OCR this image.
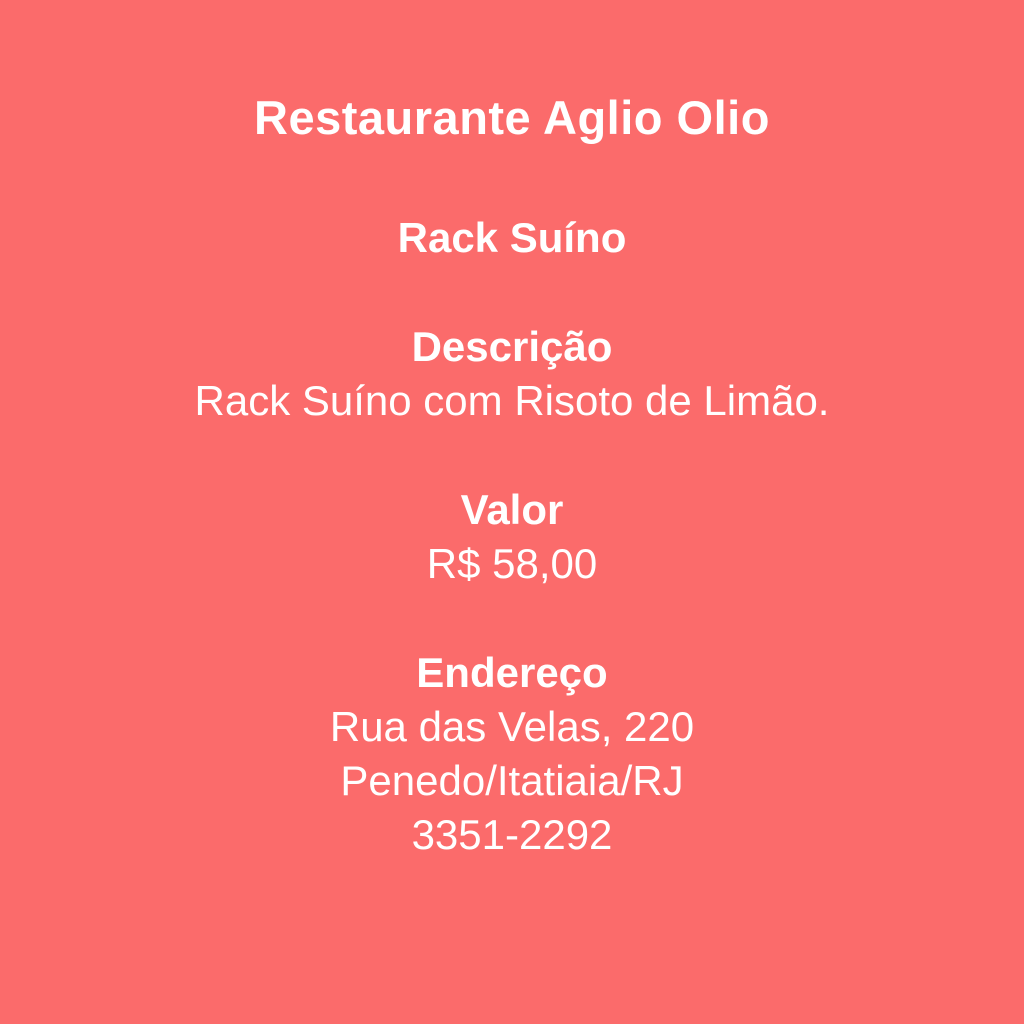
Restaurante Aglio Olio
Rack Suíno
Descrição
Rack Suíno com Risoto de Limão.
Valor
R$ 58,00
Endereço
Rua das Velas, 220
Penedo/Itatiaia/RJ
3351-2292
